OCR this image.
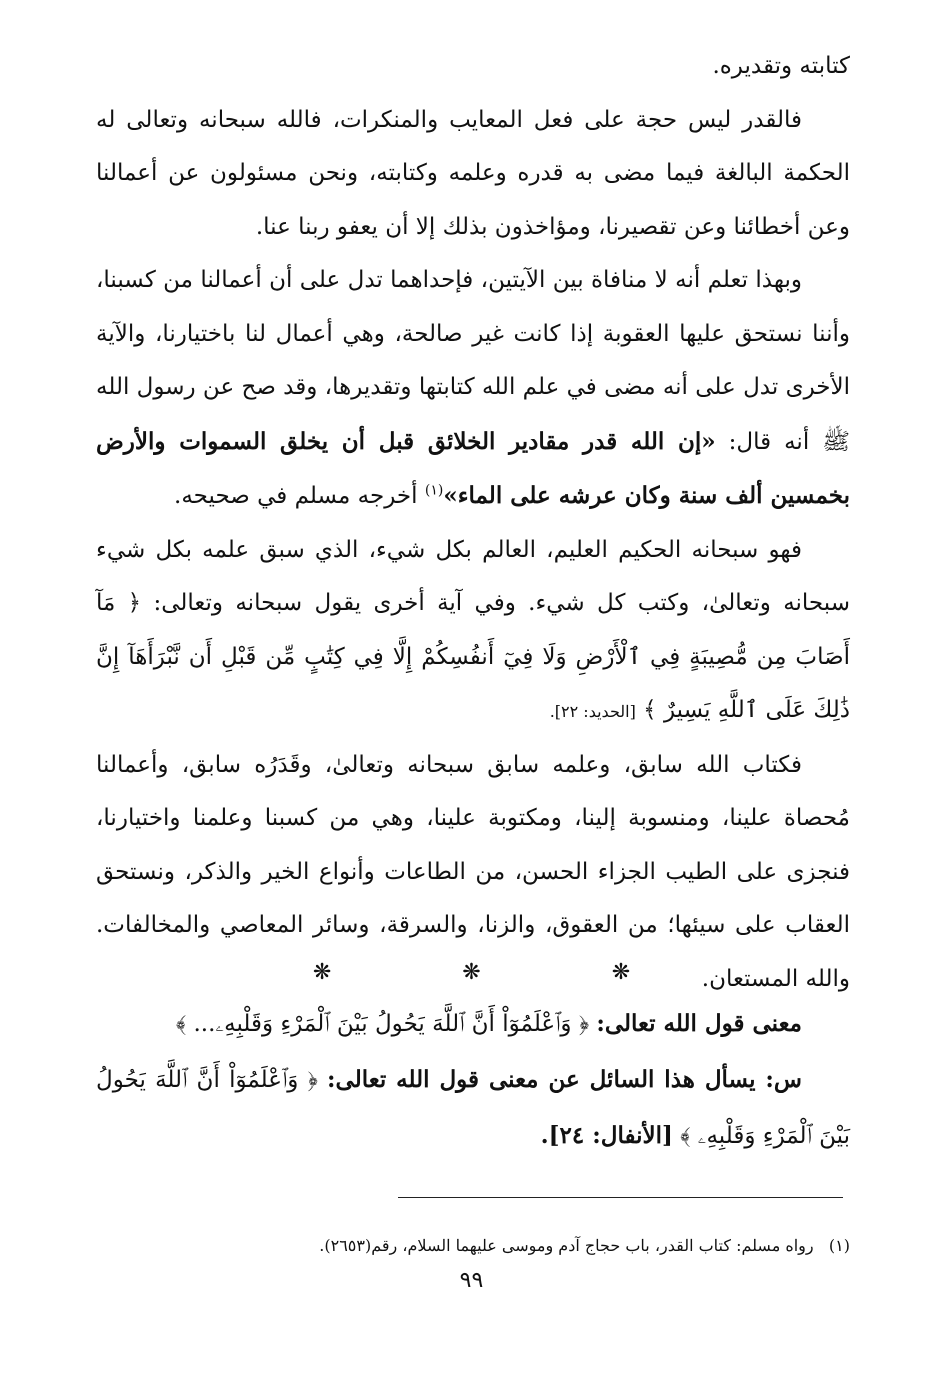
كتابته وتقديره.

فالقدر ليس حجة على فعل المعايب والمنكرات، فالله سبحانه وتعالى له الحكمة البالغة فيما مضى به قدره وعلمه وكتابته، ونحن مسئولون عن أعمالنا وعن أخطائنا وعن تقصيرنا، ومؤاخذون بذلك إلا أن يعفو ربنا عنا.

وبهذا تعلم أنه لا منافاة بين الآيتين، فإحداهما تدل على أن أعمالنا من كسبنا، وأننا نستحق عليها العقوبة إذا كانت غير صالحة، وهي أعمال لنا باختيارنا، والآية الأخرى تدل على أنه مضى في علم الله كتابتها وتقديرها، وقد صح عن رسول الله ﷺ أنه قال: «إن الله قدر مقادير الخلائق قبل أن يخلق السموات والأرض بخمسين ألف سنة وكان عرشه على الماء»$^{(١)}$ أخرجه مسلم في صحيحه.

فهو سبحانه الحكيم العليم، العالم بكل شيء، الذي سبق علمه بكل شيء سبحانه وتعالىٰ، وكتب كل شيء. وفي آية أخرى يقول سبحانه وتعالى: ﴿ مَآ أَصَابَ مِن مُّصِيبَةٍ فِي ٱلْأَرْضِ وَلَا فِيٓ أَنفُسِكُمْ إِلَّا فِي كِتَٰبٍ مِّن قَبْلِ أَن نَّبْرَأَهَآ إِنَّ ذَٰلِكَ عَلَى ٱللَّهِ يَسِيرٌ ﴾ [الحديد: ٢٢].

فكتاب الله سابق، وعلمه سابق سبحانه وتعالىٰ، وقَدَرُه سابق، وأعمالنا مُحصاة علينا، ومنسوبة إلينا، ومكتوبة علينا، وهي من كسبنا وعلمنا واختيارنا، فنجزى على الطيب الجزاء الحسن، من الطاعات وأنواع الخير والذكر، ونستحق العقاب على سيئها؛ من العقوق، والزنا، والسرقة، وسائر المعاصي والمخالفات. والله المستعان.

❋ ❋ ❋

معنى قول الله تعالى: ﴿ وَٱعْلَمُوٓاْ أَنَّ ٱللَّهَ يَحُولُ بَيْنَ ٱلْمَرْءِ وَقَلْبِهِۦ... ﴾

س: يسأل هذا السائل عن معنى قول الله تعالى: ﴿ وَٱعْلَمُوٓاْ أَنَّ ٱللَّهَ يَحُولُ بَيْنَ ٱلْمَرْءِ وَقَلْبِهِۦ ﴾ [الأنفال: ٢٤].

(١)   رواه مسلم: كتاب القدر، باب حجاج آدم وموسى عليهما السلام، رقم(٢٦٥٣).
٩٩
